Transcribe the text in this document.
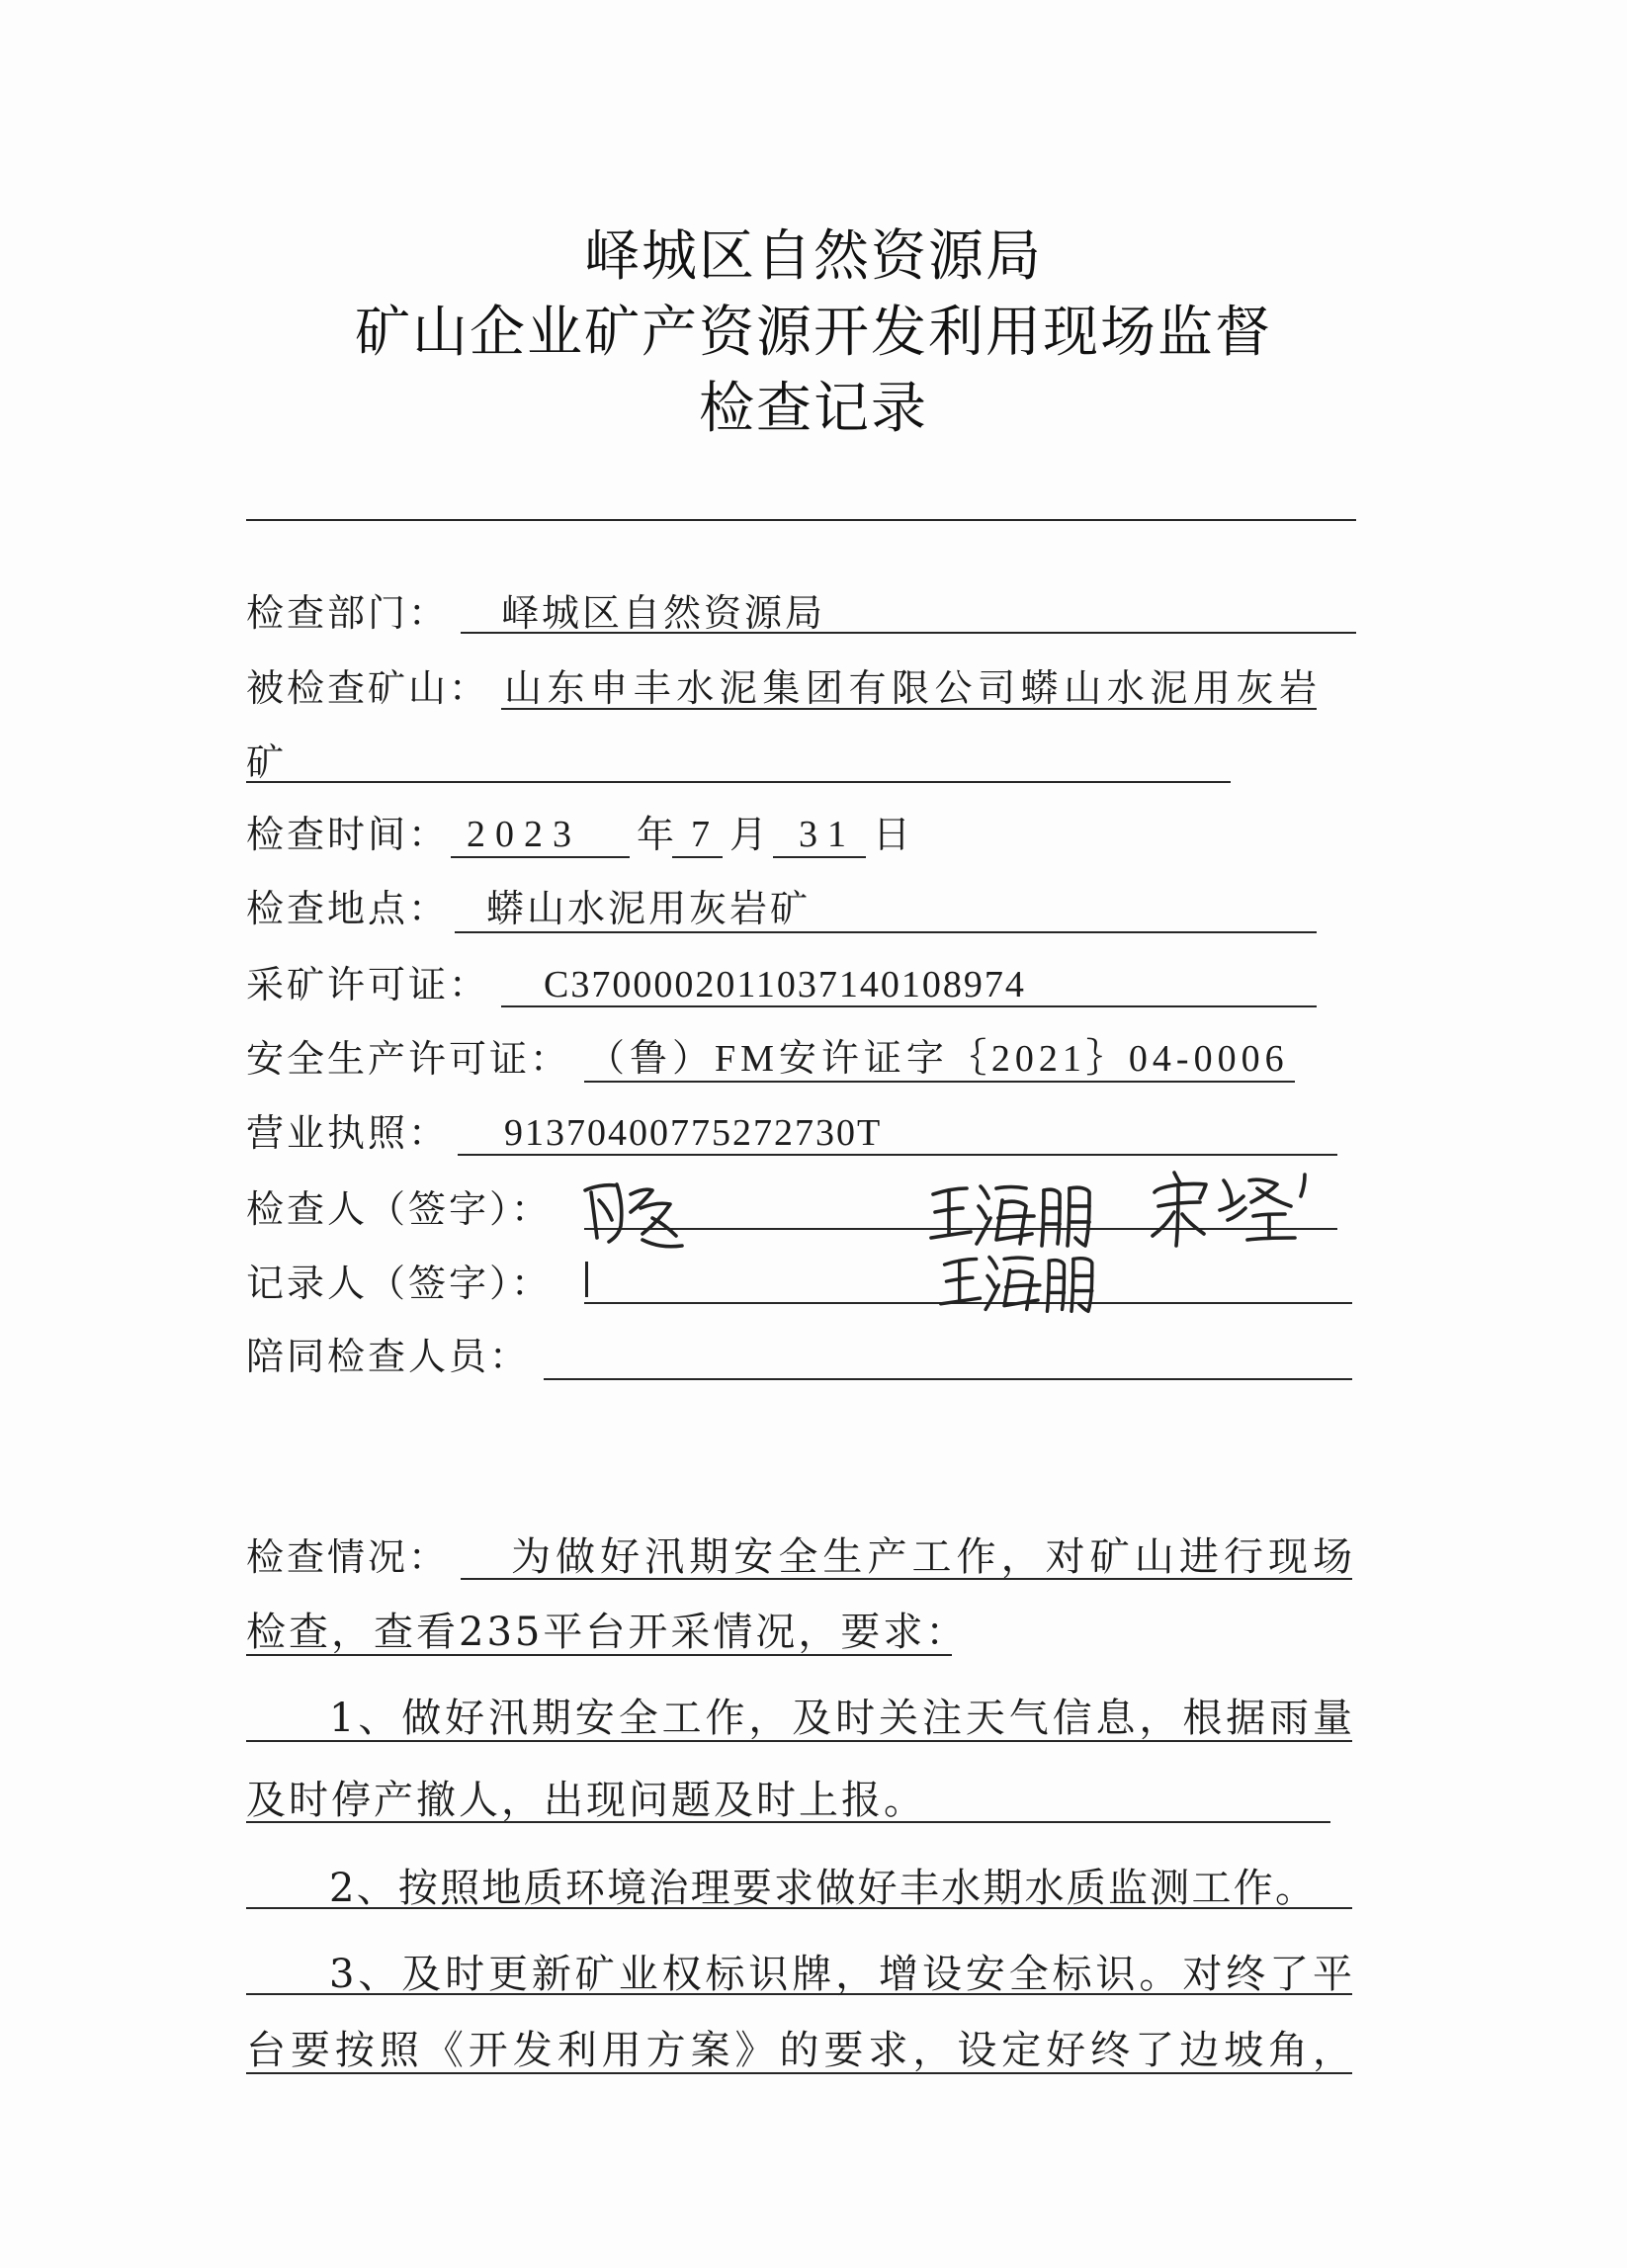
峄城区自然资源局
矿山企业矿产资源开发利用现场监督
检查记录
检查部门： 峄城区自然资源局
被检查矿山： 山东申丰水泥集团有限公司蟒山水泥用灰岩
矿
检查时间： 2023 年 7 月 31 日
检查地点： 蟒山水泥用灰岩矿
采矿许可证： C3700002011037140108974
安全生产许可证： （鲁）FM安许证字｛2021｝04-0006
营业执照： 91370400775272730T
检查人（签字）：
记录人（签字）：
陪同检查人员：
检查情况： 为做好汛期安全生产工作，对矿山进行现场
检查，查看235平台开采情况，要求：
1、做好汛期安全工作，及时关注天气信息，根据雨量
及时停产撤人，出现问题及时上报。
2、按照地质环境治理要求做好丰水期水质监测工作。
3、及时更新矿业权标识牌，增设安全标识。对终了平
台要按照《开发利用方案》的要求，设定好终了边坡角，
